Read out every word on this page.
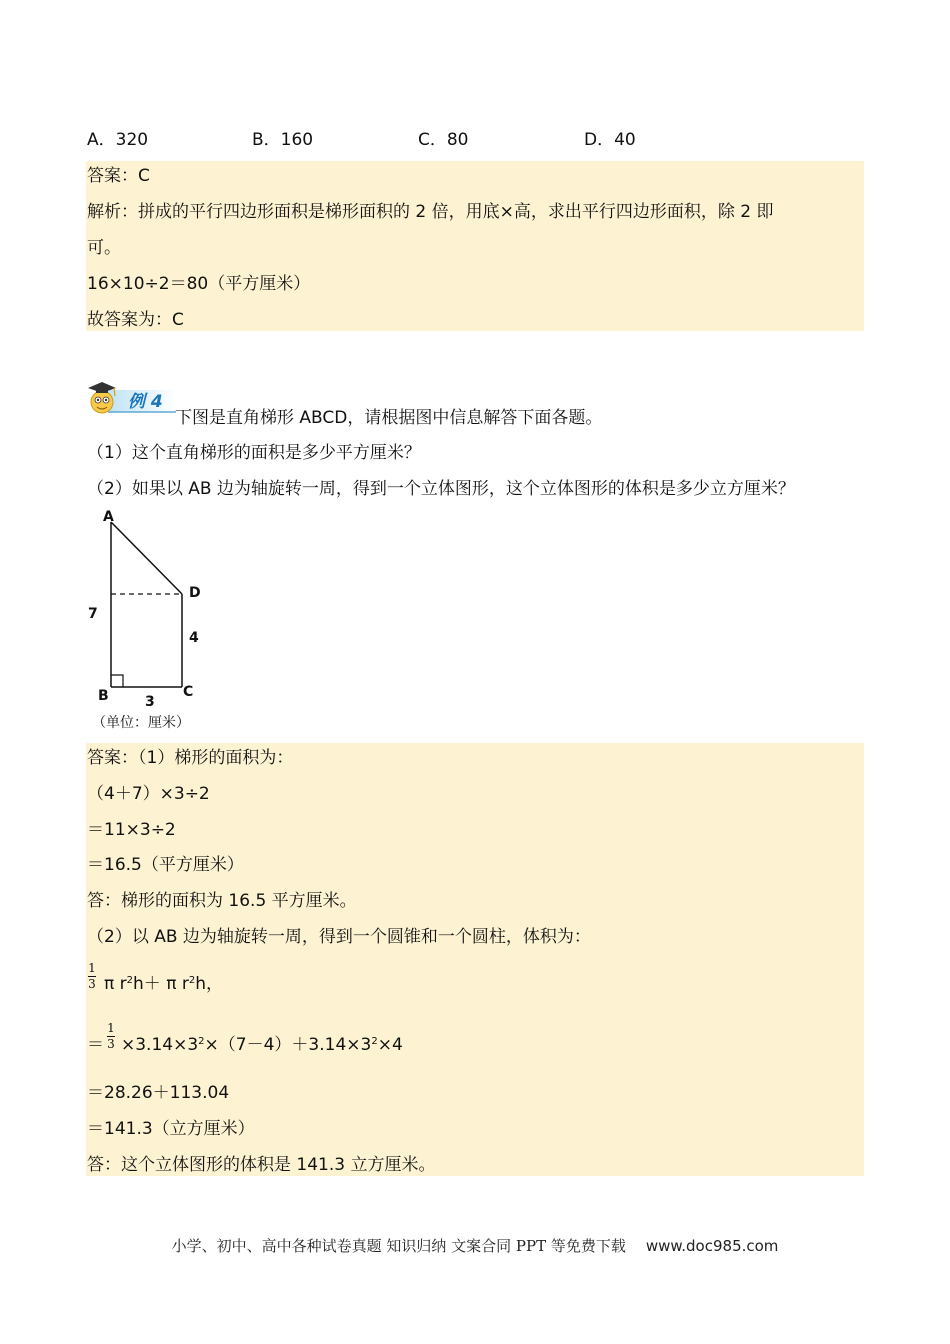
A．320	B．160	C．80	D．40
答案：C
解析：拼成的平行四边形面积是梯形面积的 2 倍，用底×高，求出平行四边形面积，除 2 即
可。
16×10÷2＝80（平方厘米）
故答案为：C
例 4
下图是直角梯形 ABCD，请根据图中信息解答下面各题。
（1）这个直角梯形的面积是多少平方厘米？
（2）如果以 AB 边为轴旋转一周，得到一个立体图形，这个立体图形的体积是多少立方厘米？
A
D
B	C
7
4
3
（单位：厘米）
答案：（1）梯形的面积为：
（4＋7）×3÷2
＝11×3÷2
＝16.5（平方厘米）
答：梯形的面积为 16.5 平方厘米。
（2）以 AB 边为轴旋转一周，得到一个圆锥和一个圆柱，体积为：
1
3 π $r^2h+ \pi$ $r^2h$，
＝
1
$3 \times 3.14\times 3^2\times(7-4)+3.14\times 3^2\times 4$
＝28.26＋113.04
＝141.3（立方厘米）
答：这个立体图形的体积是 141.3 立方厘米。
小学、初中、高中各种试卷真题 知识归纳 文案合同 PPT 等免费下载 www.doc985.com
